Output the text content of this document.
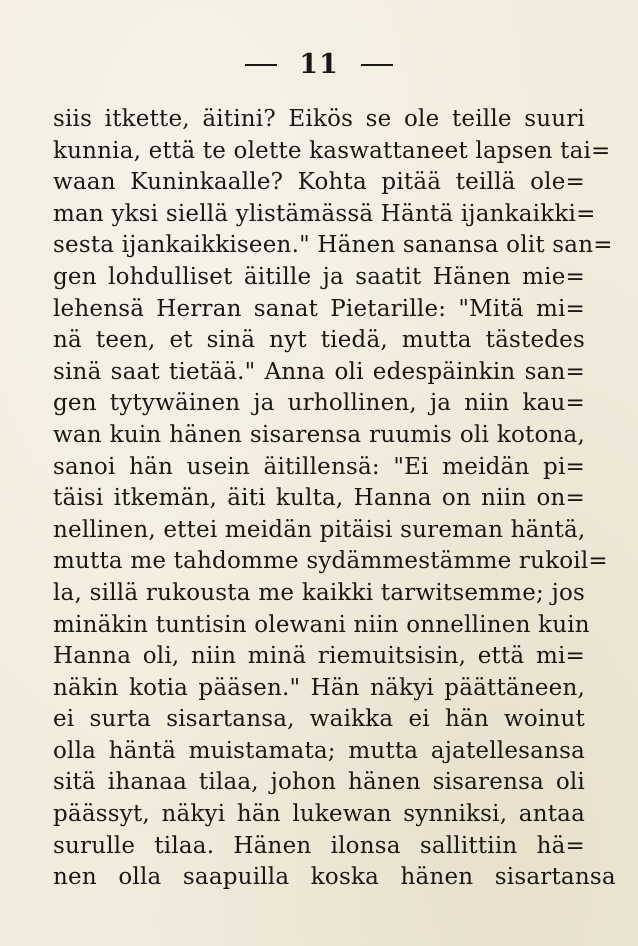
11
siis itkette, äitini? Eikös se ole teille suuri
kunnia, että te olette kaswattaneet lapsen tai=
waan Kuninkaalle? Kohta pitää teillä ole=
man yksi siellä ylistämässä Häntä ijankaikki=
sesta ijankaikkiseen." Hänen sanansa olit san=
gen lohdulliset äitille ja saatit Hänen mie=
lehensä Herran sanat Pietarille: "Mitä mi=
nä teen, et sinä nyt tiedä, mutta tästedes
sinä saat tietää." Anna oli edespäinkin san=
gen tytywäinen ja urhollinen, ja niin kau=
wan kuin hänen sisarensa ruumis oli kotona,
sanoi hän usein äitillensä: "Ei meidän pi=
täisi itkemän, äiti kulta, Hanna on niin on=
nellinen, ettei meidän pitäisi sureman häntä,
mutta me tahdomme sydämmestämme rukoil=
la, sillä rukousta me kaikki tarwitsemme; jos
minäkin tuntisin olewani niin onnellinen kuin
Hanna oli, niin minä riemuitsisin, että mi=
näkin kotia pääsen." Hän näkyi päättäneen,
ei surta sisartansa, waikka ei hän woinut
olla häntä muistamata; mutta ajatellesansa
sitä ihanaa tilaa, johon hänen sisarensa oli
päässyt, näkyi hän lukewan synniksi, antaa
surulle tilaa. Hänen ilonsa sallittiin hä=
nen olla saapuilla koska hänen sisartansa
